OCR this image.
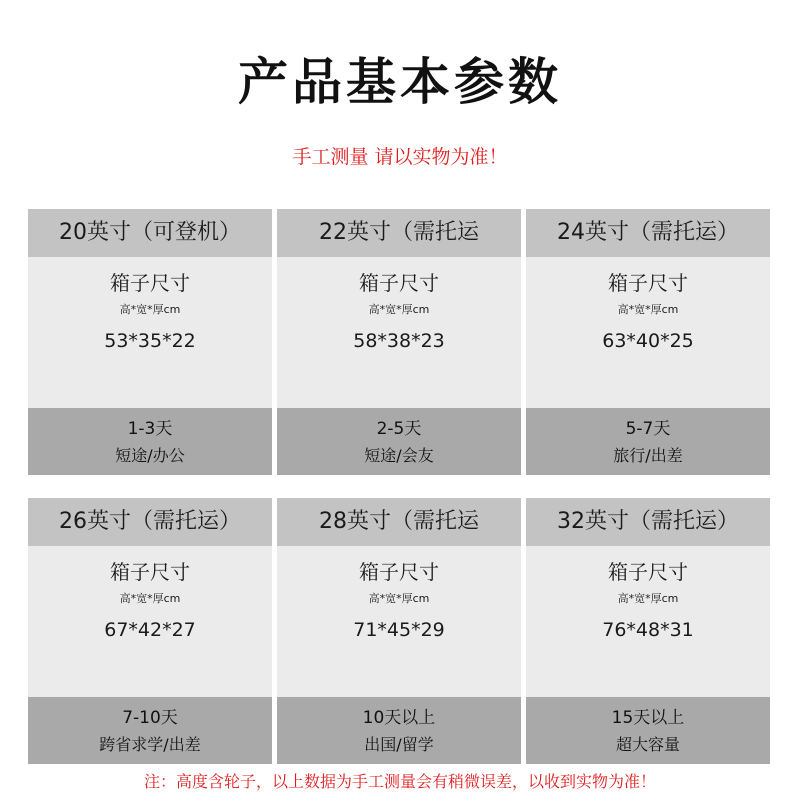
产品基本参数
手工测量 请以实物为准！
20英寸（可登机）
箱子尺寸
高*宽*厚cm
53*35*22
1-3天
短途/办公
22英寸（需托运
箱子尺寸
高*宽*厚cm
58*38*23
2-5天
短途/会友
24英寸（需托运）
箱子尺寸
高*宽*厚cm
63*40*25
5-7天
旅行/出差
26英寸（需托运）
箱子尺寸
高*宽*厚cm
67*42*27
7-10天
跨省求学/出差
28英寸（需托运
箱子尺寸
高*宽*厚cm
71*45*29
10天以上
出国/留学
32英寸（需托运）
箱子尺寸
高*宽*厚cm
76*48*31
15天以上
超大容量
注：高度含轮子，以上数据为手工测量会有稍微误差，以收到实物为准！
